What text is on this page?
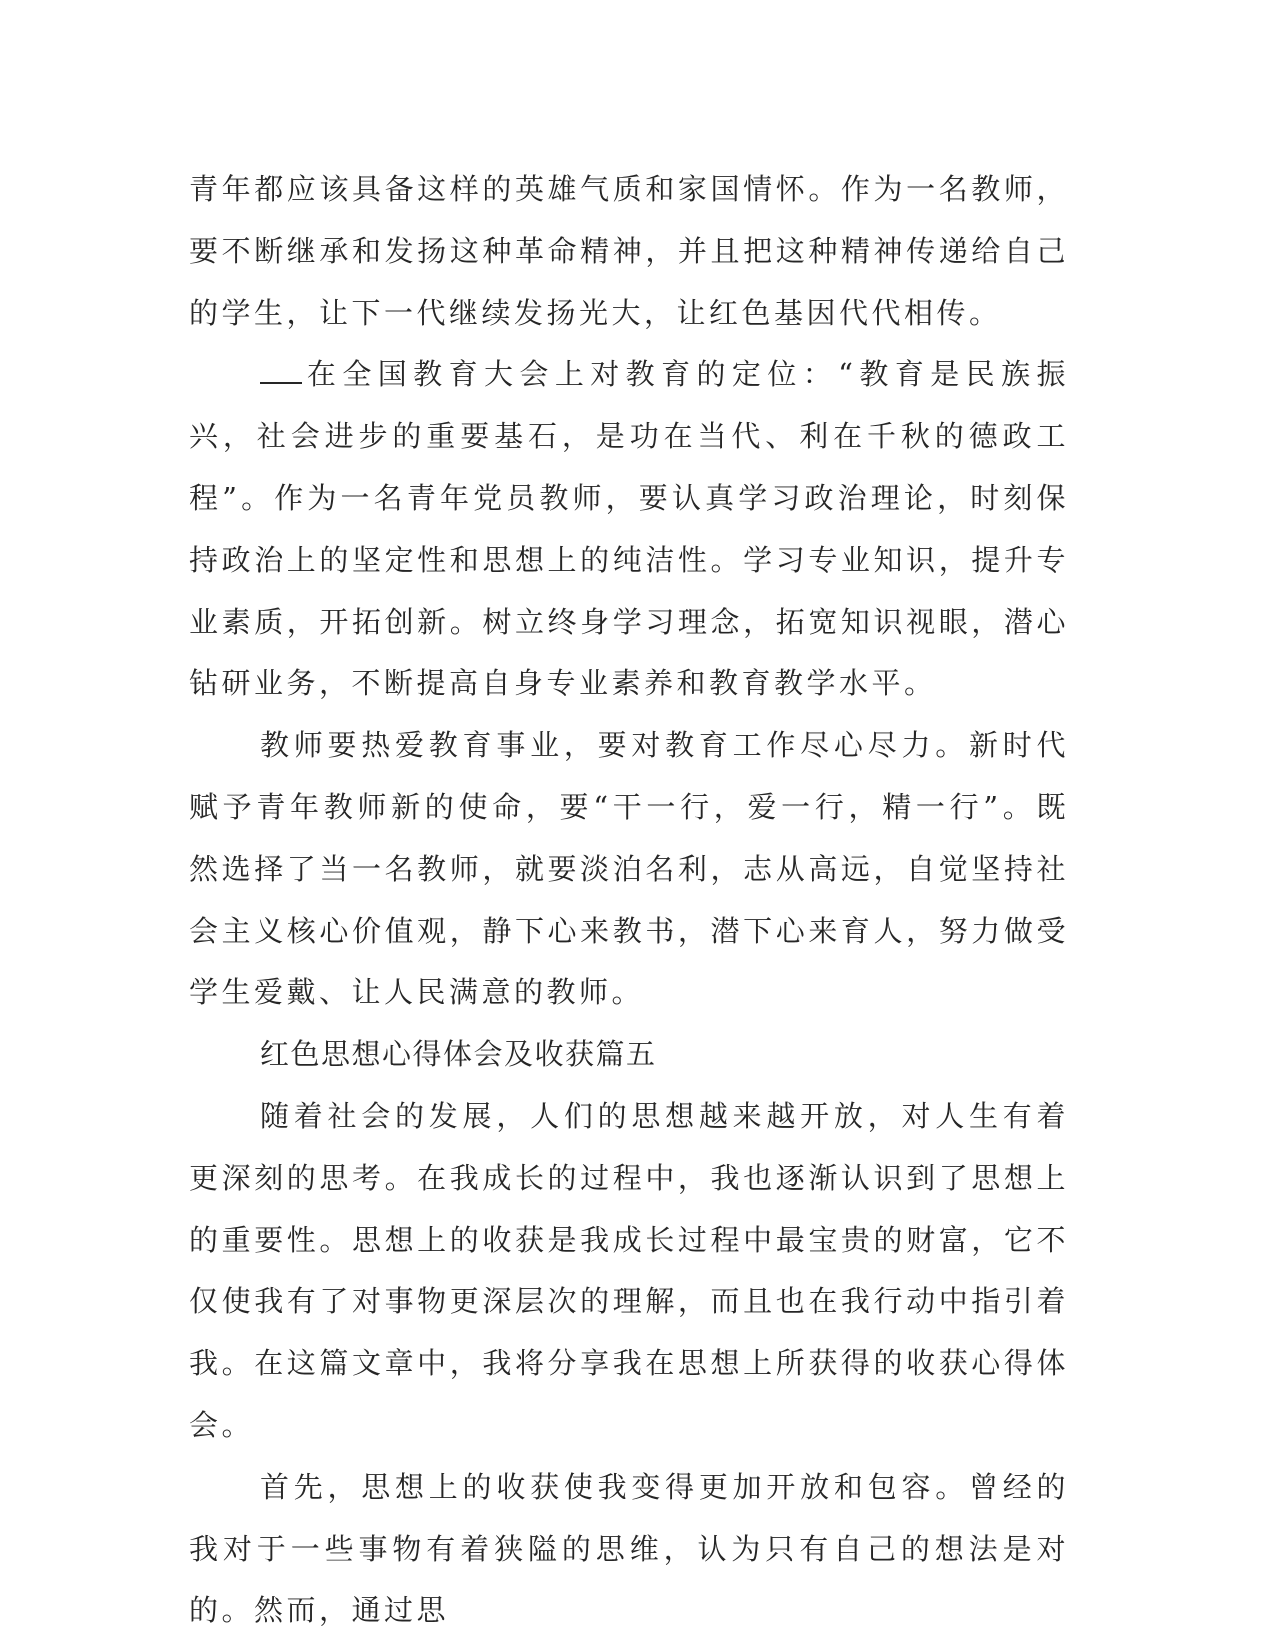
青年都应该具备这样的英雄气质和家国情怀。作为一名教师，要不断继承和发扬这种革命精神，并且把这种精神传递给自己的学生，让下一代继续发扬光大，让红色基因代代相传。

在全国教育大会上对教育的定位：“教育是民族振兴，社会进步的重要基石，是功在当代、利在千秋的德政工程”。作为一名青年党员教师，要认真学习政治理论，时刻保持政治上的坚定性和思想上的纯洁性。学习专业知识，提升专业素质，开拓创新。树立终身学习理念，拓宽知识视眼，潜心钻研业务，不断提高自身专业素养和教育教学水平。

教师要热爱教育事业，要对教育工作尽心尽力。新时代赋予青年教师新的使命，要“干一行，爱一行，精一行”。既然选择了当一名教师，就要淡泊名利，志从高远，自觉坚持社会主义核心价值观，静下心来教书，潜下心来育人，努力做受学生爱戴、让人民满意的教师。

红色思想心得体会及收获篇五

随着社会的发展，人们的思想越来越开放，对人生有着更深刻的思考。在我成长的过程中，我也逐渐认识到了思想上的重要性。思想上的收获是我成长过程中最宝贵的财富，它不仅使我有了对事物更深层次的理解，而且也在我行动中指引着我。在这篇文章中，我将分享我在思想上所获得的收获心得体会。

首先，思想上的收获使我变得更加开放和包容。曾经的我对于一些事物有着狭隘的思维，认为只有自己的想法是对的。然而，通过思
